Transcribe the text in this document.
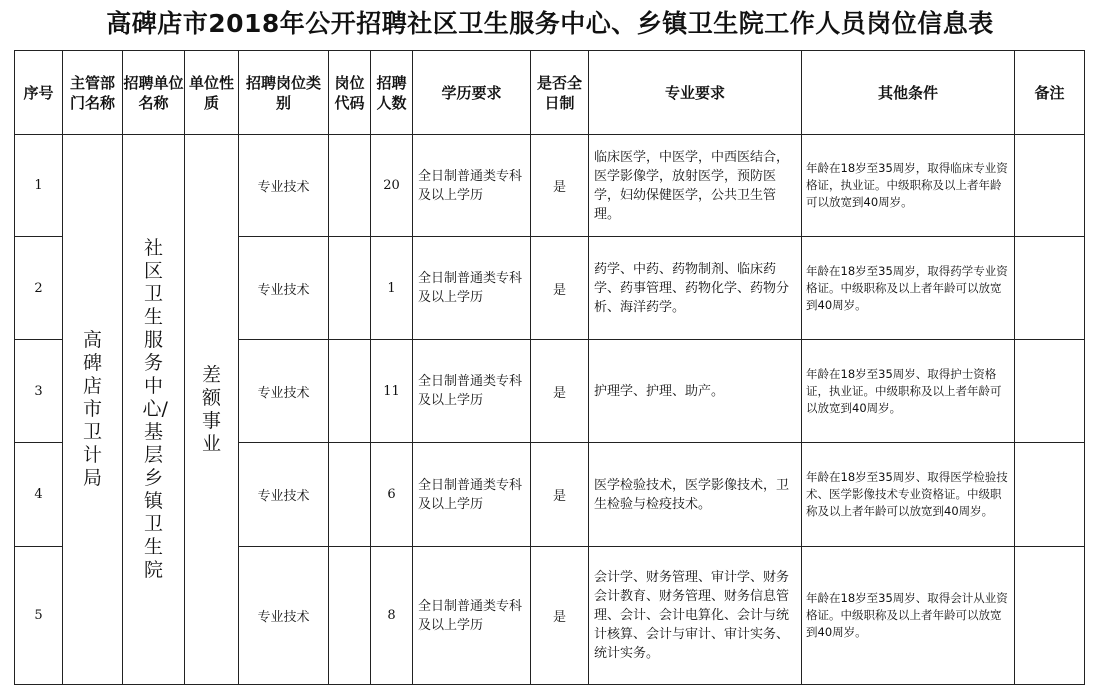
高碑店市2018年公开招聘社区卫生服务中心、乡镇卫生院工作人员岗位信息表
序号	主管部门名称	招聘单位名称	单位性质	招聘岗位类别	岗位代码	招聘人数	学历要求	是否全日制	专业要求	其他条件	备注
1	高碑店市卫计局	社区卫生服务中心/基层乡镇卫生院	差额事业	专业技术		20	全日制普通类专科及以上学历	是	临床医学，中医学，中西医结合，医学影像学，放射医学，预防医学，妇幼保健医学，公共卫生管理。	年龄在18岁至35周岁，取得临床专业资格证，执业证。中级职称及以上者年龄可以放宽到40周岁。	
2				专业技术		1	全日制普通类专科及以上学历	是	药学、中药、药物制剂、临床药学、药事管理、药物化学、药物分析、海洋药学。	年龄在18岁至35周岁，取得药学专业资格证。中级职称及以上者年龄可以放宽到40周岁。	
3				专业技术		11	全日制普通类专科及以上学历	是	护理学、护理、助产。	年龄在18岁至35周岁、取得护士资格证，执业证。中级职称及以上者年龄可以放宽到40周岁。	
4				专业技术		6	全日制普通类专科及以上学历	是	医学检验技术，医学影像技术，卫生检验与检疫技术。	年龄在18岁至35周岁、取得医学检验技术、医学影像技术专业资格证。中级职称及以上者年龄可以放宽到40周岁。	
5				专业技术		8	全日制普通类专科及以上学历	是	会计学、财务管理、审计学、财务会计教育、财务管理、财务信息管理、会计、会计电算化、会计与统计核算、会计与审计、审计实务、统计实务。	年龄在18岁至35周岁、取得会计从业资格证。中级职称及以上者年龄可以放宽到40周岁。	
